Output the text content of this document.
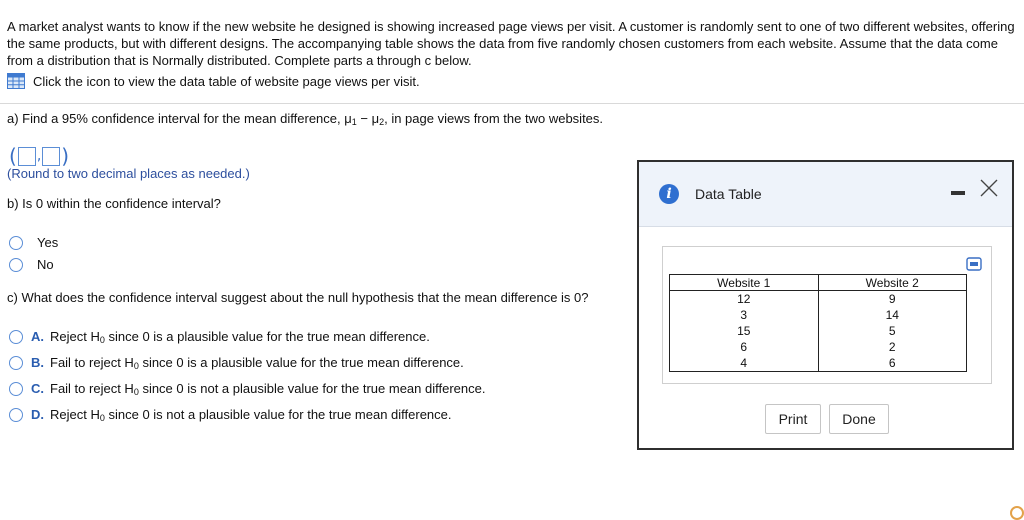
A market analyst wants to know if the new website he designed is showing increased page views per visit. A customer is randomly sent to one of two different websites, offering the same products, but with different designs. The accompanying table shows the data from five randomly chosen customers from each website. Assume that the data come from a distribution that is Normally distributed. Complete parts a through c below.
Click the icon to view the data table of website page views per visit.
a) Find a 95% confidence interval for the mean difference, $\mu_1 - \mu_2$, in page views from the two websites.
( , )
(Round to two decimal places as needed.)
b) Is 0 within the confidence interval?
Yes
No
c) What does the confidence interval suggest about the null hypothesis that the mean difference is 0?
A. Reject $H_0$ since 0 is a plausible value for the true mean difference.
B. Fail to reject $H_0$ since 0 is a plausible value for the true mean difference.
C. Fail to reject $H_0$ since 0 is not a plausible value for the true mean difference.
D. Reject $H_0$ since 0 is not a plausible value for the true mean difference.
i	Data Table
Website 1	Website 2
12	9
3	14
15	5
6	2
4	6
Print	Done
